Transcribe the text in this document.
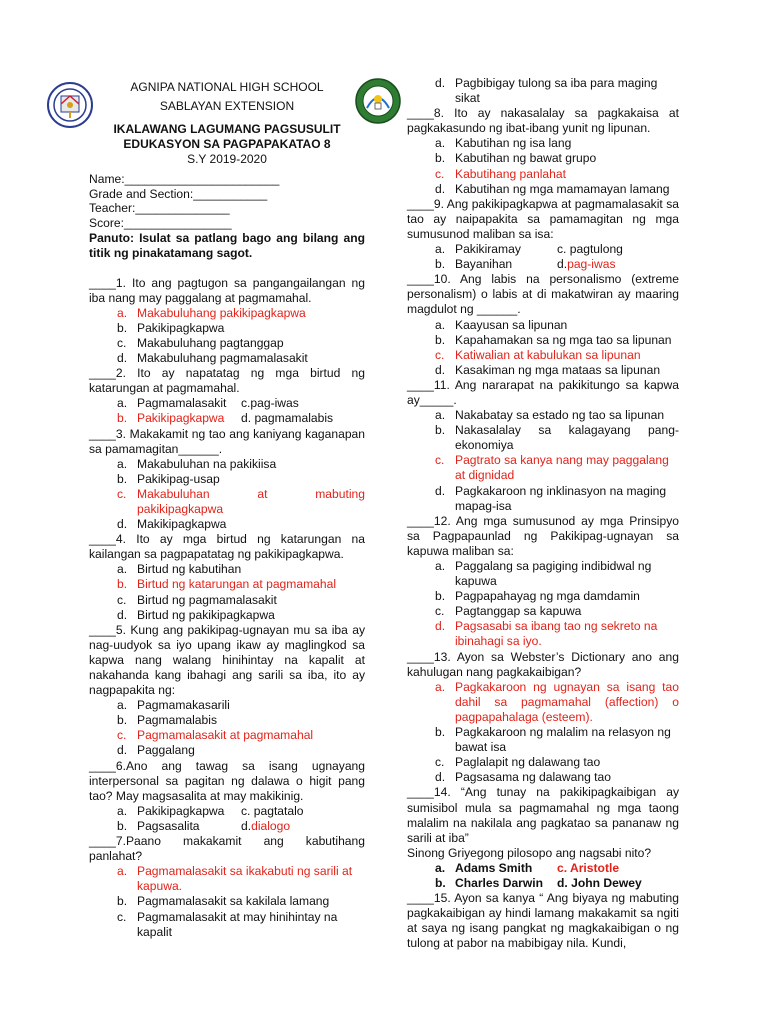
AGNIPA NATIONAL HIGH SCHOOL
SABLAYAN EXTENSION
IKALAWANG LAGUMANG PAGSUSULIT
EDUKASYON SA PAGPAPAKATAO 8
S.Y 2019-2020
Name:_______________________
Grade and Section:___________
Teacher:______________
Score:________________
Panuto: Isulat sa patlang bago ang bilang ang titik ng pinakatamang sagot.
____1. Ito ang pagtugon sa pangangailangan ng iba nang may paggalang at pagmamahal.
a. Makabuluhang pakikipagkapwa
b. Pakikipagkapwa
c. Makabuluhang pagtanggap
d. Makabuluhang pagmamalasakit
____2. Ito ay napatatag ng mga birtud ng katarungan at pagmamahal.
a. Pagmamalasakit c.pag-iwas
b. Pakikipagkapwa d. pagmamalabis
____3. Makakamit ng tao ang kaniyang kaganapan sa pamamagitan______.
a. Makabuluhan na pakikiisa
b. Pakikipag-usap
c. Makabuluhan at mabuting pakikipagkapwa
d. Makikipagkapwa
____4. Ito ay mga birtud ng katarungan na kailangan sa pagpapatatag ng pakikipagkapwa.
a. Birtud ng kabutihan
b. Birtud ng katarungan at pagmamahal
c. Birtud ng pagmamalasakit
d. Birtud ng pakikipagkapwa
____5. Kung ang pakikipag-ugnayan mu sa iba ay nag-uudyok sa iyo upang ikaw ay maglingkod sa kapwa nang walang hinihintay na kapalit at nakahanda kang ibahagi ang sarili sa iba, ito ay nagpapakita ng:
a. Pagmamakasarili
b. Pagmamalabis
c. Pagmamalasakit at pagmamahal
d. Paggalang
____6.Ano ang tawag sa isang ugnayang interpersonal sa pagitan ng dalawa o higit pang tao? May magsasalita at may makikinig.
a. Pakikipagkapwa c. pagtatalo
b. Pagsasalita	d. dialogo
____7.Paano makakamit ang kabutihang panlahat?
a. Pagmamalasakit sa ikakabuti ng sarili at kapuwa.
b. Pagmamalasakit sa kakilala lamang
c. Pagmamalasakit at may hinihintay na kapalit
d. Pagbibigay tulong sa iba para maging sikat
____8. Ito ay nakasalalay sa pagkakaisa at pagkakasundo ng ibat-ibang yunit ng lipunan.
a. Kabutihan ng isa lang
b. Kabutihan ng bawat grupo
c. Kabutihang panlahat
d. Kabutihan ng mga mamamayan lamang
____9. Ang pakikipagkapwa at pagmamalasakit sa tao ay naipapakita sa pamamagitan ng mga sumusunod maliban sa isa:
a. Pakikiramay	c. pagtulong
b. Bayanihan	d. pag-iwas
____10. Ang labis na personalismo (extreme personalism) o labis at di makatwiran ay maaring magdulot ng ______.
a. Kaayusan sa lipunan
b. Kapahamakan sa ng mga tao sa lipunan
c. Katiwalian at kabulukan sa lipunan
d. Kasakiman ng mga mataas sa lipunan
____11. Ang nararapat na pakikitungo sa kapwa ay_____.
a. Nakabatay sa estado ng tao sa lipunan
b. Nakasalalay sa kalagayang pang-ekonomiya
c. Pagtrato sa kanya nang may paggalang at dignidad
d. Pagkakaroon ng inklinasyon na maging mapag-isa
____12. Ang mga sumusunod ay mga Prinsipyo sa Pagpapaunlad ng Pakikipag-ugnayan sa kapuwa maliban sa:
a. Paggalang sa pagiging indibidwal ng kapuwa
b. Pagpapahayag ng mga damdamin
c. Pagtanggap sa kapuwa
d. Pagsasabi sa ibang tao ng sekreto na ibinahagi sa iyo.
____13. Ayon sa Webster’s Dictionary ano ang kahulugan nang pagkakaibigan?
a. Pagkakaroon ng ugnayan sa isang tao dahil sa pagmamahal (affection) o pagpapahalaga (esteem).
b. Pagkakaroon ng malalim na relasyon ng bawat isa
c. Paglalapit ng dalawang tao
d. Pagsasama ng dalawang tao
____14. “Ang tunay na pakikipagkaibigan ay sumisibol mula sa pagmamahal ng mga taong malalim na nakilala ang pagkatao sa pananaw ng sarili at iba”
Sinong Griyegong pilosopo ang nagsabi nito?
a. Adams Smith c. Aristotle
b. Charles Darwin d. John Dewey
____15. Ayon sa kanya “ Ang biyaya ng mabuting pagkakaibigan ay hindi lamang makakamit sa ngiti at saya ng isang pangkat ng magkakaibigan o ng tulong at pabor na mabibigay nila. Kundi,
